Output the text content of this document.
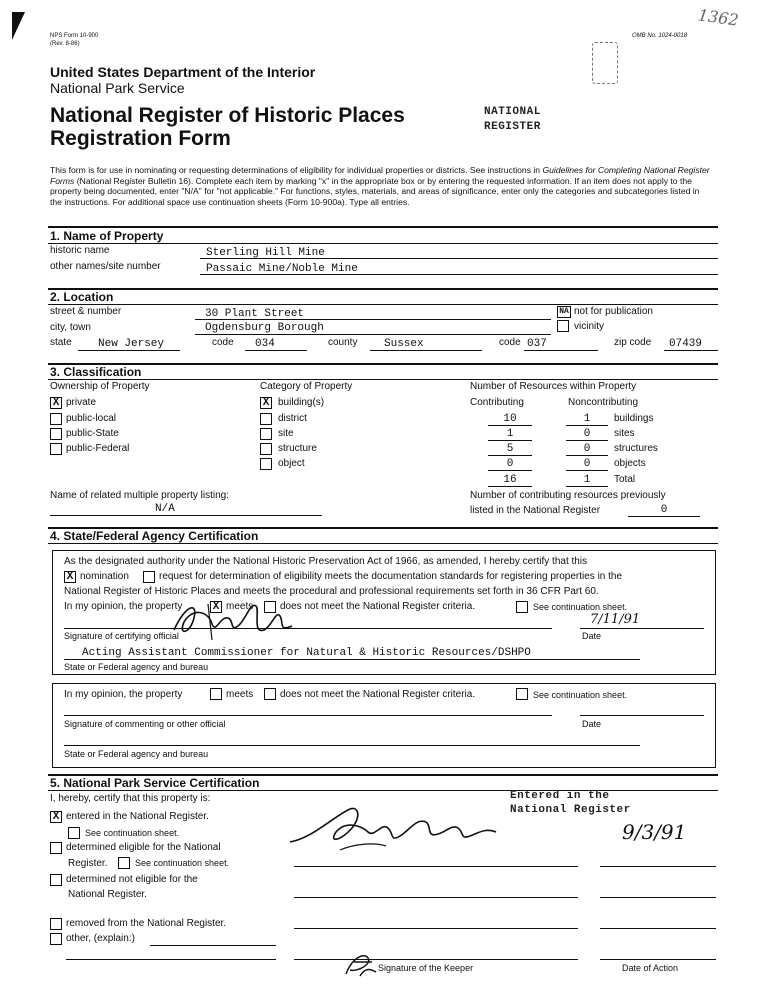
NPS Form 10-900
(Rev. 8-86)
OMB No. 1024-0018
1362
United States Department of the Interior
National Park Service
National Register of Historic Places
Registration Form
NATIONAL
REGISTER
This form is for use in nominating or requesting determinations of eligibility for individual properties or districts. See instructions in Guidelines for Completing National Register Forms (National Register Bulletin 16). Complete each item by marking "x" in the appropriate box or by entering the requested information. If an item does not apply to the property being documented, enter "N/A" for "not applicable." For functions, styles, materials, and areas of significance, enter only the categories and subcategories listed in the instructions. For additional space use continuation sheets (Form 10-900a). Type all entries.
1. Name of Property
historic name	Sterling Hill Mine
other names/site number	Passaic Mine/Noble Mine
2. Location
street & number	30 Plant Street	NA not for publication
city, town	Ogdensburg Borough	vicinity
state New Jersey	code 034	county Sussex	code 037	zip code 07439
3. Classification
Ownership of Property	Category of Property	Number of Resources within Property
X private
public-local
public-State
public-Federal
X building(s)
district
site
structure
object
Contributing	Noncontributing
10	1	buildings
1	0	sites
5	0	structures
0	0	objects
16	1	Total
Name of related multiple property listing:
N/A
Number of contributing resources previously
listed in the National Register	0
4. State/Federal Agency Certification
As the designated authority under the National Historic Preservation Act of 1966, as amended, I hereby certify that this
X nomination	request for determination of eligibility meets the documentation standards for registering properties in the
National Register of Historic Places and meets the procedural and professional requirements set forth in 36 CFR Part 60.
In my opinion, the property	X meets	does not meet the National Register criteria.	See continuation sheet.
Signature of certifying official
7/11/91
Date
Acting Assistant Commissioner for Natural & Historic Resources/DSHPO
State or Federal agency and bureau
In my opinion, the property	meets	does not meet the National Register criteria.	See continuation sheet.
Signature of commenting or other official	Date
State or Federal agency and bureau
5. National Park Service Certification
I, hereby, certify that this property is:
X entered in the National Register.
See continuation sheet.
determined eligible for the National
Register.	See continuation sheet.
determined not eligible for the
National Register.
removed from the National Register.
other, (explain:)
Entered in the
National Register
9/3/91
Signature of the Keeper	Date of Action
